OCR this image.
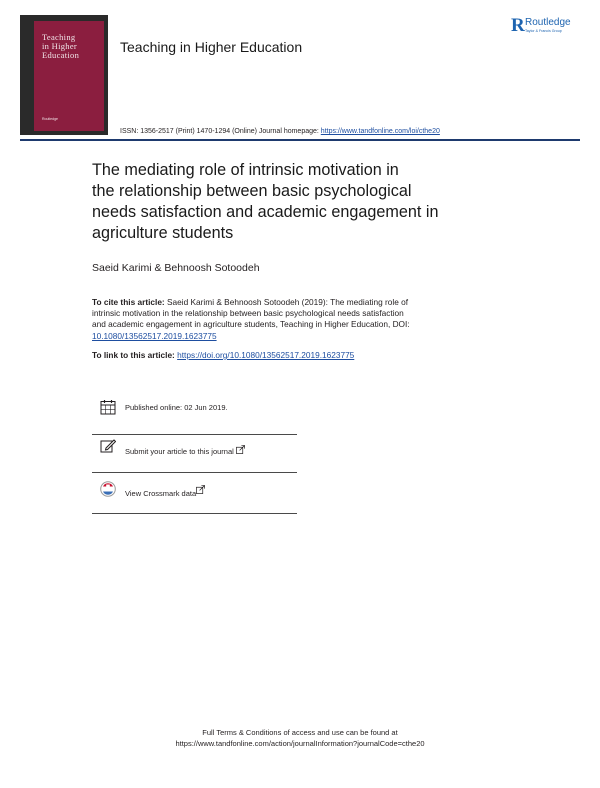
Teaching
in Higher
Education
Routledge
Teaching in Higher Education
R Routledge
Taylor & Francis Group
ISSN: 1356-2517 (Print) 1470-1294 (Online) Journal homepage: https://www.tandfonline.com/loi/cthe20
The mediating role of intrinsic motivation in
the relationship between basic psychological
needs satisfaction and academic engagement in
agriculture students
Saeid Karimi & Behnoosh Sotoodeh
To cite this article: Saeid Karimi & Behnoosh Sotoodeh (2019): The mediating role of
intrinsic motivation in the relationship between basic psychological needs satisfaction
and academic engagement in agriculture students, Teaching in Higher Education, DOI:
10.1080/13562517.2019.1623775
To link to this article: https://doi.org/10.1080/13562517.2019.1623775
Published online: 02 Jun 2019.
Submit your article to this journal
View Crossmark data
Full Terms & Conditions of access and use can be found at
https://www.tandfonline.com/action/journalInformation?journalCode=cthe20
